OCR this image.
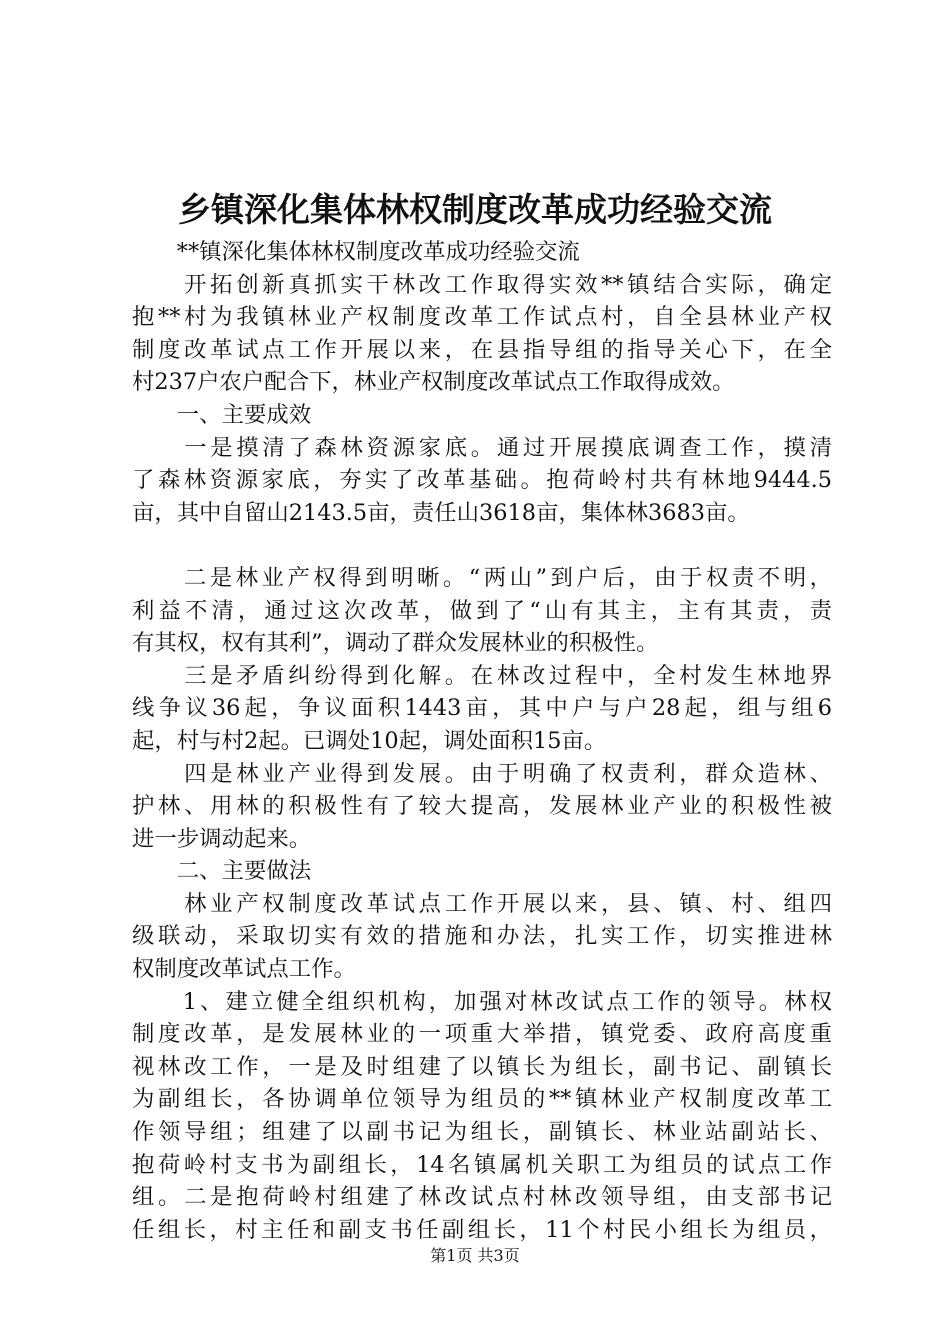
乡镇深化集体林权制度改革成功经验交流
　　**镇深化集体林权制度改革成功经验交流
　　开拓创新真抓实干林改工作取得实效**镇结合实际，确定
抱**村为我镇林业产权制度改革工作试点村，自全县林业产权
制度改革试点工作开展以来，在县指导组的指导关心下，在全
村237户农户配合下，林业产权制度改革试点工作取得成效。
　　一、主要成效
　　一是摸清了森林资源家底。通过开展摸底调查工作，摸清
了森林资源家底，夯实了改革基础。抱荷岭村共有林地9444.5
亩，其中自留山2143.5亩，责任山3618亩，集体林3683亩。
　　二是林业产权得到明晰。“两山”到户后，由于权责不明，
利益不清，通过这次改革，做到了“山有其主，主有其责，责
有其权，权有其利”，调动了群众发展林业的积极性。
　　三是矛盾纠纷得到化解。在林改过程中，全村发生林地界
线争议36起，争议面积1443亩，其中户与户28起，组与组6
起，村与村2起。已调处10起，调处面积15亩。
　　四是林业产业得到发展。由于明确了权责利，群众造林、
护林、用林的积极性有了较大提高，发展林业产业的积极性被
进一步调动起来。
　　二、主要做法
　　林业产权制度改革试点工作开展以来，县、镇、村、组四
级联动，采取切实有效的措施和办法，扎实工作，切实推进林
权制度改革试点工作。
　　1、建立健全组织机构，加强对林改试点工作的领导。林权
制度改革，是发展林业的一项重大举措，镇党委、政府高度重
视林改工作，一是及时组建了以镇长为组长，副书记、副镇长
为副组长，各协调单位领导为组员的**镇林业产权制度改革工
作领导组；组建了以副书记为组长，副镇长、林业站副站长、
抱荷岭村支书为副组长，14名镇属机关职工为组员的试点工作
组。二是抱荷岭村组建了林改试点村林改领导组，由支部书记
任组长，村主任和副支书任副组长，11个村民小组长为组员，
第1页 共3页
